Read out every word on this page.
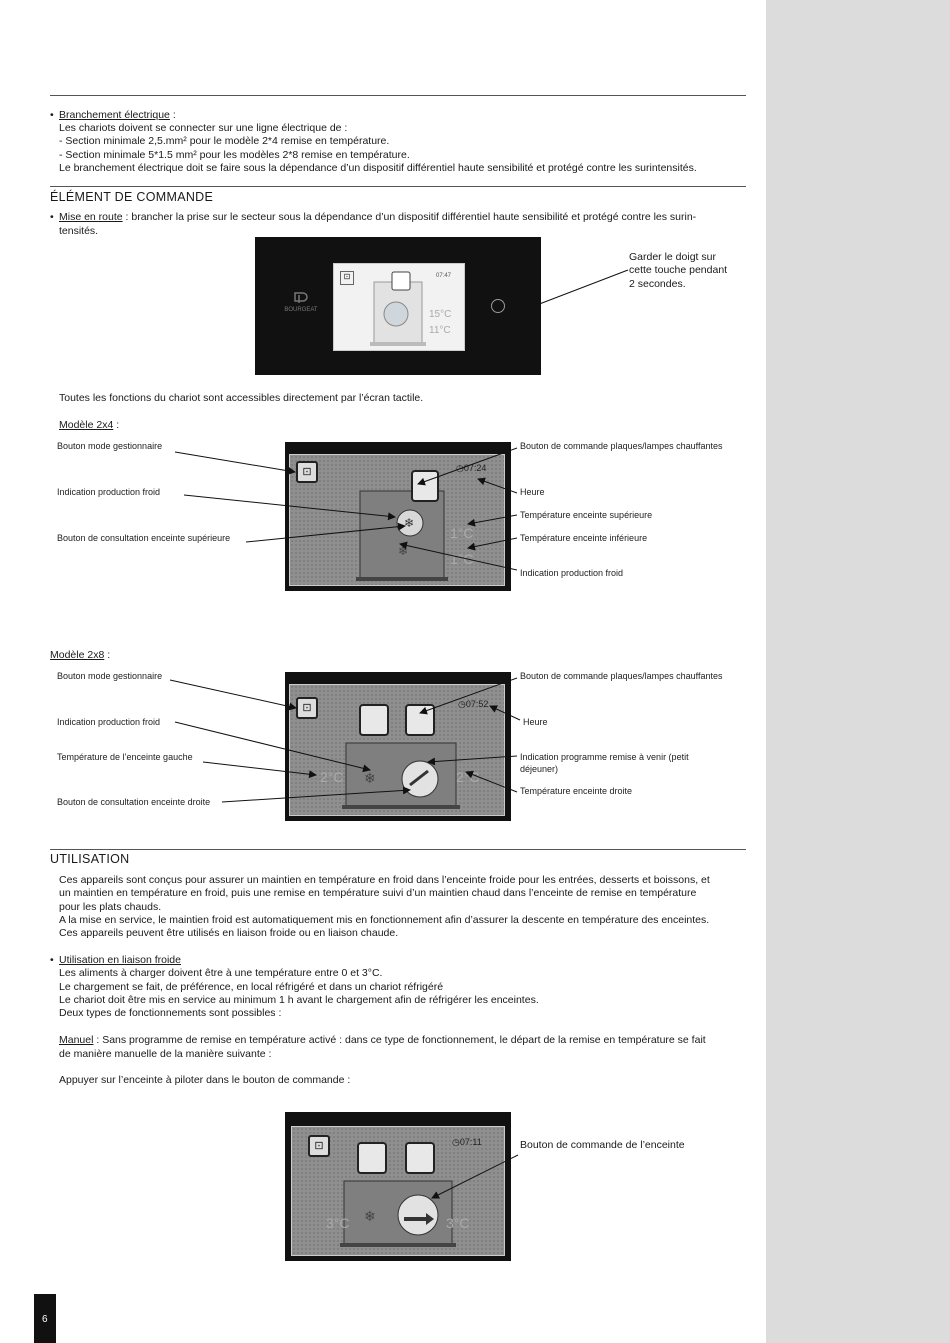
• Branchement électrique :
Les chariots doivent se connecter sur une ligne électrique de :
- Section minimale 2,5.mm² pour le modèle 2*4 remise en température.
- Section minimale 5*1.5 mm² pour les modèles 2*8 remise en température.
Le branchement électrique doit se faire sous la dépendance d’un dispositif différentiel haute sensibilité et protégé contre les surintensités.
ÉLÉMENT DE COMMANDE
• Mise en route : brancher la prise sur le secteur sous la dépendance d’un dispositif différentiel haute sensibilité et protégé contre les surin-
tensités.
BOURGEAT
⊡	07:47
15°C
11°C
Garder le doigt sur
cette touche pendant
2 secondes.
Toutes les fonctions du chariot sont accessibles directement par l’écran tactile.
Modèle 2x4 :
⊡	◷07:24
❄
❄
1°C
1°C
Bouton mode gestionnaire
Indication production froid
Bouton de consultation enceinte supérieure
Bouton de commande plaques/lampes chauffantes
Heure
Température enceinte supérieure
Température enceinte inférieure
Indication production froid
Modèle 2x8 :
⊡	◷07:52
❄
2°C	2°C
Bouton mode gestionnaire
Indication production froid
Température de l’enceinte gauche
Bouton de consultation enceinte droite
Bouton de commande plaques/lampes chauffantes
Heure
Indication programme remise à venir (petit
déjeuner)
Température enceinte droite
UTILISATION
Ces appareils sont conçus pour assurer un maintien en température en froid dans l’enceinte froide pour les entrées, desserts et boissons, et
un maintien en température en froid, puis une remise en température suivi d’un maintien chaud dans l’enceinte de remise en température
pour les plats chauds.
A la mise en service, le maintien froid est automatiquement mis en fonctionnement afin d’assurer la descente en température des enceintes.
Ces appareils peuvent être utilisés en liaison froide ou en liaison chaude.
• Utilisation en liaison froide
Les aliments à charger doivent être à une température entre 0 et 3°C.
Le chargement se fait, de préférence, en local réfrigéré et dans un chariot réfrigéré
Le chariot doit être mis en service au minimum 1 h avant le chargement afin de réfrigérer les enceintes.
Deux types de fonctionnements sont possibles :
Manuel : Sans programme de remise en température activé : dans ce type de fonctionnement, le départ de la remise en température se fait
de manière manuelle de la manière suivante :
Appuyer sur l’enceinte à piloter dans le bouton de commande :
⊡	◷07:11
❄
3°C	3°C
Bouton de commande de l’enceinte
6
